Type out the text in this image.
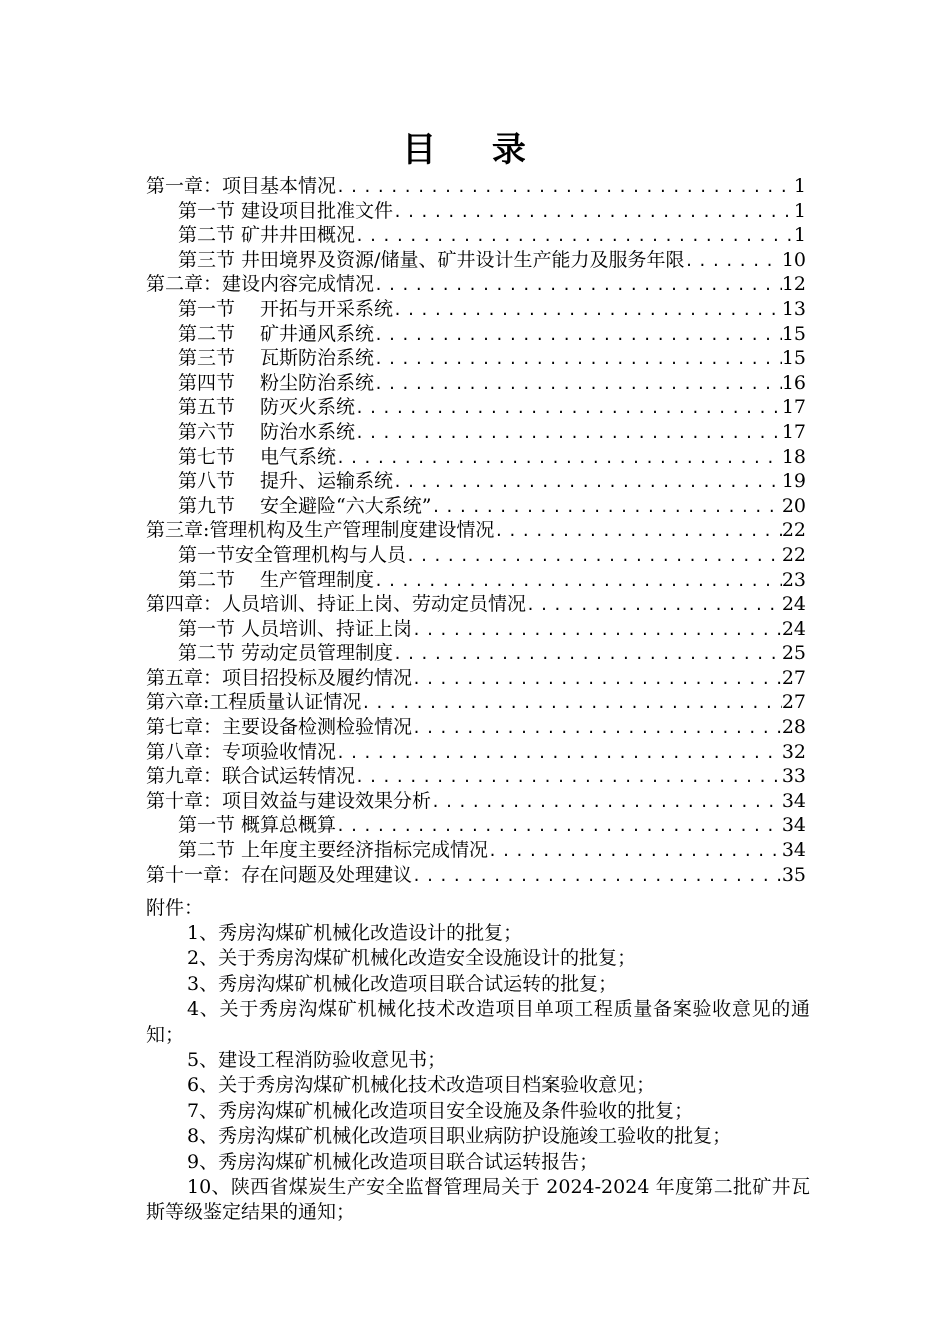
目 录
第一章：项目基本情况 .....	1
第一节 建设项目批准文件 .....	1
第二节 矿井井田概况 .....	1
第三节 井田境界及资源/储量、矿井设计生产能力及服务年限 .....	10
第二章：建设内容完成情况 .....	12
第一节　 开拓与开采系统 .....	13
第二节　 矿井通风系统 .....	15
第三节　 瓦斯防治系统 .....	15
第四节　 粉尘防治系统 .....	16
第五节　 防灭火系统 .....	17
第六节　 防治水系统 .....	17
第七节　 电气系统 .....	18
第八节　 提升、运输系统 .....	19
第九节　 安全避险“六大系统” .....	20
第三章:管理机构及生产管理制度建设情况 .....	22
第一节安全管理机构与人员 .....	22
第二节　 生产管理制度 .....	23
第四章：人员培训、持证上岗、劳动定员情况 .....	24
第一节 人员培训、持证上岗 .....	24
第二节 劳动定员管理制度 .....	25
第五章：项目招投标及履约情况 .....	27
第六章:工程质量认证情况 .....	27
第七章：主要设备检测检验情况 .....	28
第八章：专项验收情况 .....	32
第九章：联合试运转情况 .....	33
第十章：项目效益与建设效果分析 .....	34
第一节 概算总概算 .....	34
第二节 上年度主要经济指标完成情况 .....	34
第十一章：存在问题及处理建议 .....	35
附件：

1、秀房沟煤矿机械化改造设计的批复；

2、关于秀房沟煤矿机械化改造安全设施设计的批复；

3、秀房沟煤矿机械化改造项目联合试运转的批复；

4、关于秀房沟煤矿机械化技术改造项目单项工程质量备案验收意见的通知；

5、建设工程消防验收意见书；

6、关于秀房沟煤矿机械化技术改造项目档案验收意见；

7、秀房沟煤矿机械化改造项目安全设施及条件验收的批复；

8、秀房沟煤矿机械化改造项目职业病防护设施竣工验收的批复；

9、秀房沟煤矿机械化改造项目联合试运转报告；

10、陕西省煤炭生产安全监督管理局关于 2024-2024 年度第二批矿井瓦斯等级鉴定结果的通知；
